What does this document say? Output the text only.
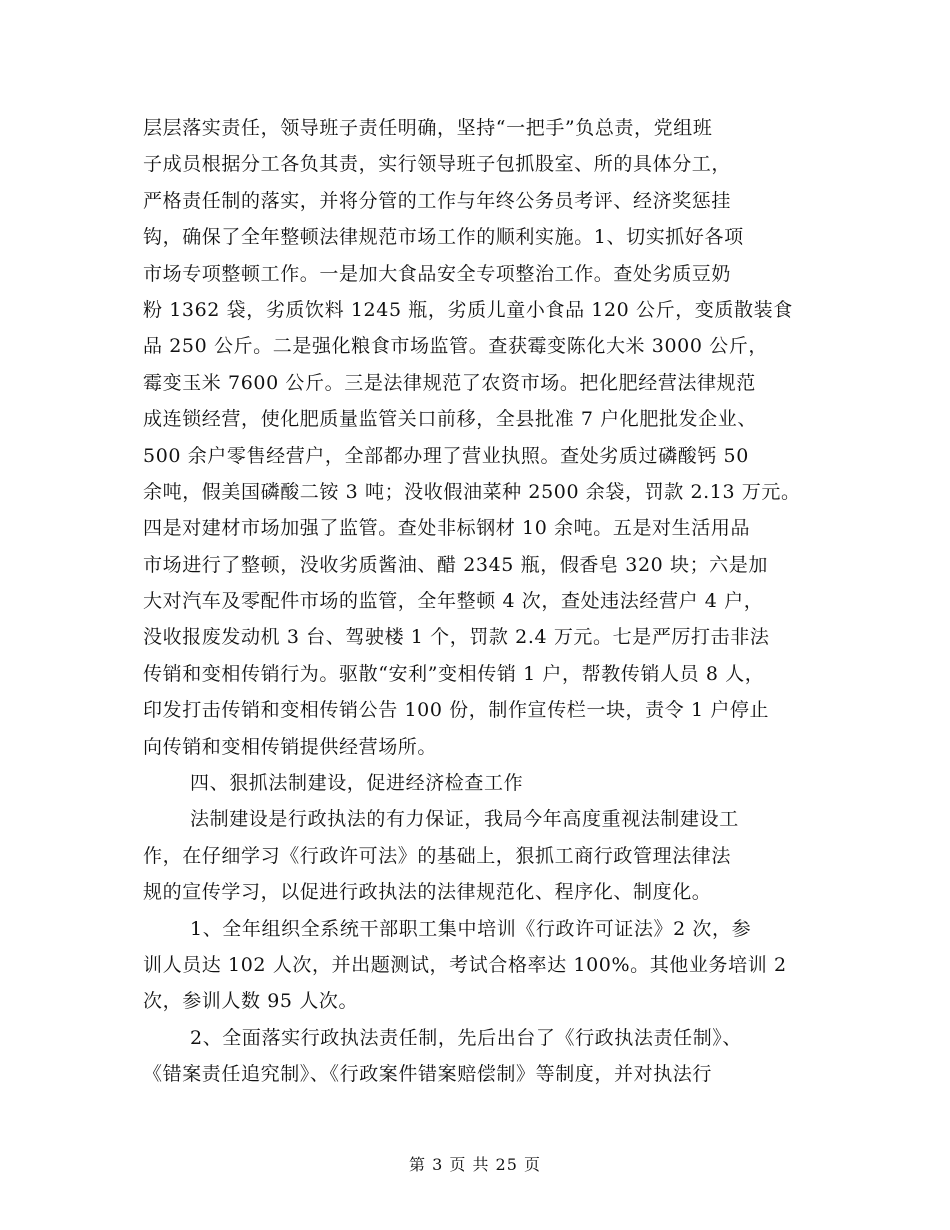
层层落实责任，领导班子责任明确，坚持“一把手”负总责，党组班
子成员根据分工各负其责，实行领导班子包抓股室、所的具体分工，
严格责任制的落实，并将分管的工作与年终公务员考评、经济奖惩挂
钩，确保了全年整顿法律规范市场工作的顺利实施。1、切实抓好各项
市场专项整顿工作。一是加大食品安全专项整治工作。查处劣质豆奶
粉 1362 袋，劣质饮料 1245 瓶，劣质儿童小食品 120 公斤，变质散装食
品 250 公斤。二是强化粮食市场监管。查获霉变陈化大米 3000 公斤，
霉变玉米 7600 公斤。三是法律规范了农资市场。把化肥经营法律规范
成连锁经营，使化肥质量监管关口前移，全县批准 7 户化肥批发企业、
500 余户零售经营户，全部都办理了营业执照。查处劣质过磷酸钙 50
余吨，假美国磷酸二铵 3 吨；没收假油菜种 2500 余袋，罚款 2.13 万元。
四是对建材市场加强了监管。查处非标钢材 10 余吨。五是对生活用品
市场进行了整顿，没收劣质酱油、醋 2345 瓶，假香皂 320 块；六是加
大对汽车及零配件市场的监管，全年整顿 4 次，查处违法经营户 4 户，
没收报废发动机 3 台、驾驶楼 1 个，罚款 2.4 万元。七是严厉打击非法
传销和变相传销行为。驱散“安利”变相传销 1 户，帮教传销人员 8 人，
印发打击传销和变相传销公告 100 份，制作宣传栏一块，责令 1 户停止
向传销和变相传销提供经营场所。
四、狠抓法制建设，促进经济检查工作
法制建设是行政执法的有力保证，我局今年高度重视法制建设工
作，在仔细学习《行政许可法》的基础上，狠抓工商行政管理法律法
规的宣传学习，以促进行政执法的法律规范化、程序化、制度化。
1、全年组织全系统干部职工集中培训《行政许可证法》2 次，参
训人员达 102 人次，并出题测试，考试合格率达 100%。其他业务培训 2
次，参训人数 95 人次。
2、全面落实行政执法责任制，先后出台了《行政执法责任制》、
《错案责任追究制》、《行政案件错案赔偿制》等制度，并对执法行
第 3 页 共 25 页
